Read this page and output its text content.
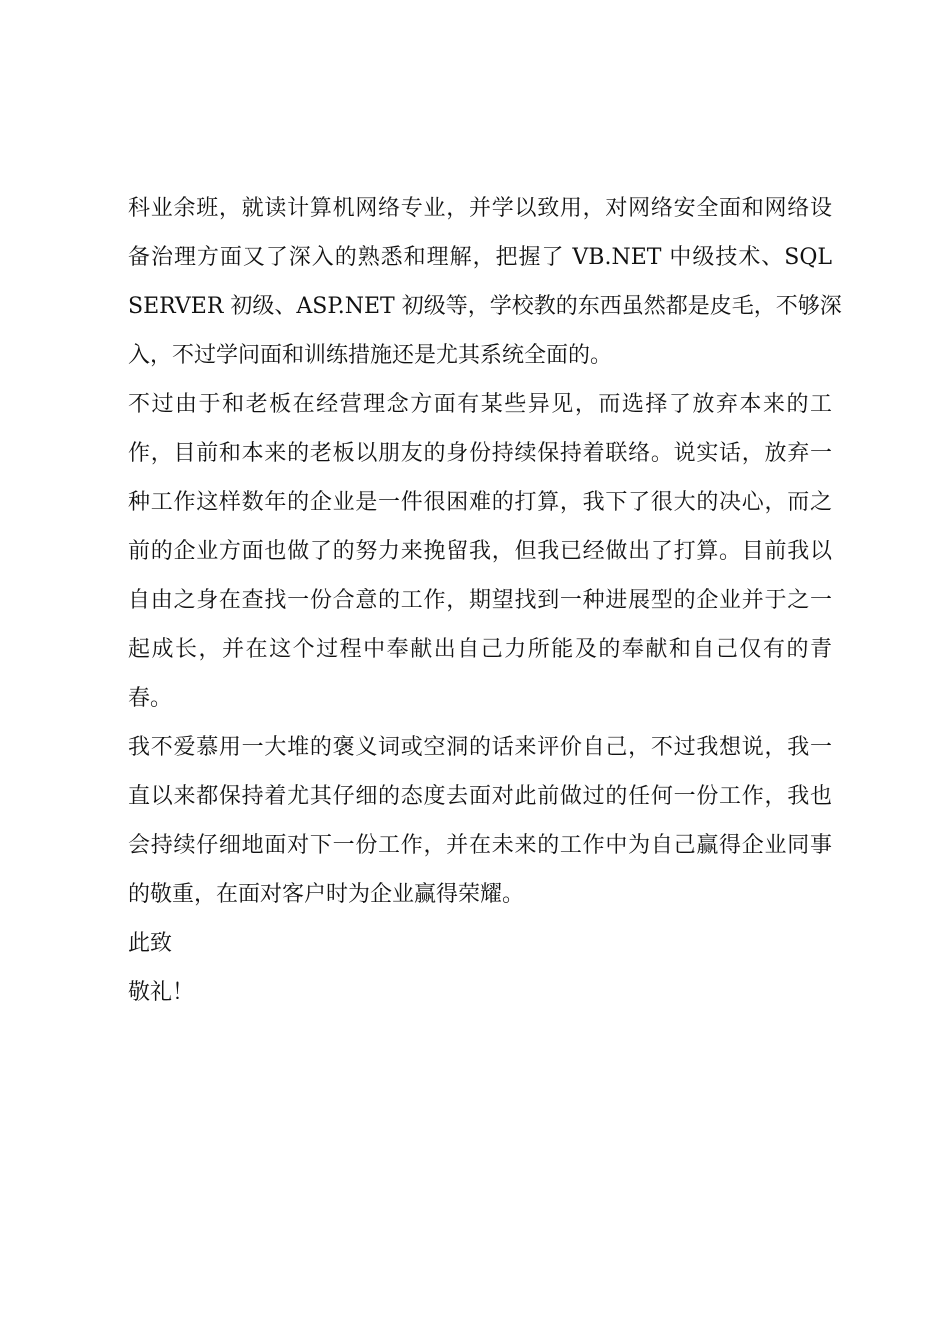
科业余班，就读计算机网络专业，并学以致用，对网络安全面和网络设
备治理方面又了深入的熟悉和理解，把握了 VB.NET 中级技术、SQL
SERVER 初级、ASP.NET 初级等，学校教的东西虽然都是皮毛，不够深
入，不过学问面和训练措施还是尤其系统全面的。
不过由于和老板在经营理念方面有某些异见，而选择了放弃本来的工
作，目前和本来的老板以朋友的身份持续保持着联络。说实话，放弃一
种工作这样数年的企业是一件很困难的打算，我下了很大的决心，而之
前的企业方面也做了的努力来挽留我，但我已经做出了打算。目前我以
自由之身在查找一份合意的工作，期望找到一种进展型的企业并于之一
起成长，并在这个过程中奉献出自己力所能及的奉献和自己仅有的青
春。
我不爱慕用一大堆的褒义词或空洞的话来评价自己，不过我想说，我一
直以来都保持着尤其仔细的态度去面对此前做过的任何一份工作，我也
会持续仔细地面对下一份工作，并在未来的工作中为自己赢得企业同事
的敬重，在面对客户时为企业赢得荣耀。
此致
敬礼！
